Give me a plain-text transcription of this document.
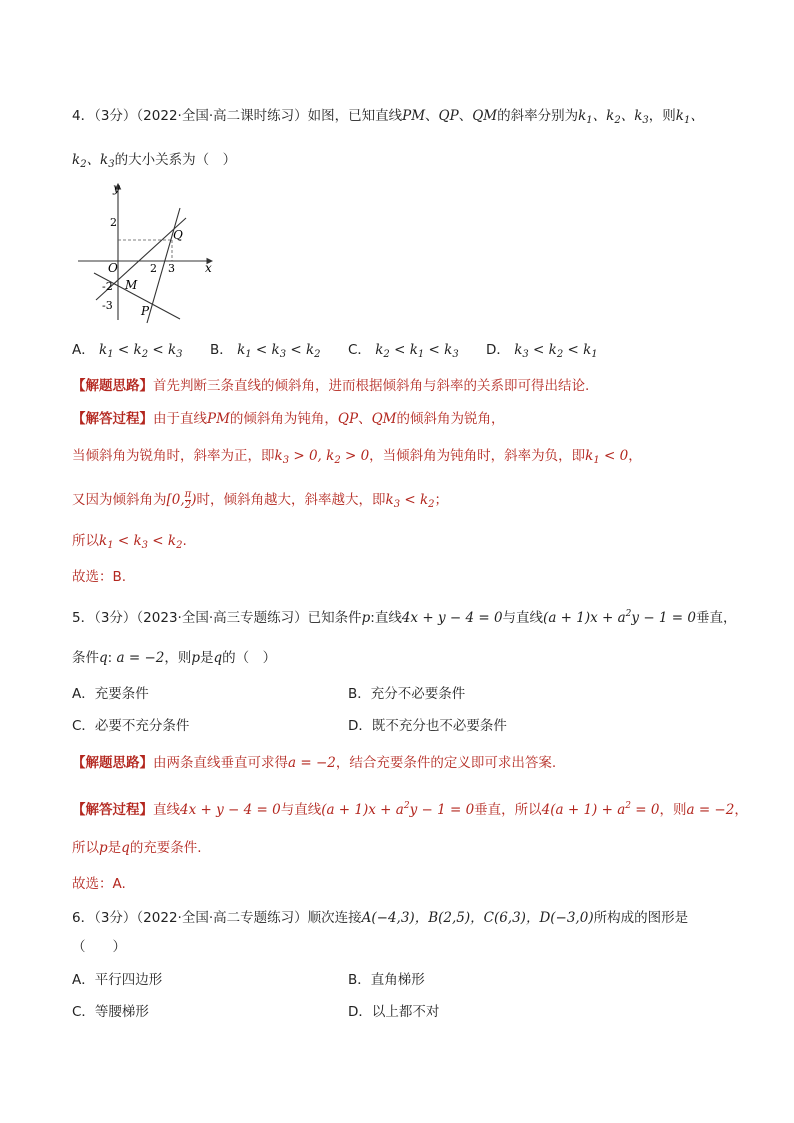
4．（3分）（2022·全国·高二课时练习）如图，已知直线PM、QP、QM的斜率分别为$k_1$、$k_2$、$k_3$，则$k_1$、
$k_2$、$k_3$的大小关系为（　）
y
x
O
2
-2
-3
2 3
M
P
Q
A． $k_1 < k_2 < k_3$ B． $k_1 < k_3 < k_2$ C． $k_2 < k_1 < k_3$ D． $k_3 < k_2 < k_1$
【解题思路】首先判断三条直线的倾斜角，进而根据倾斜角与斜率的关系即可得出结论.
【解答过程】由于直线PM的倾斜角为钝角，QP、QM的倾斜角为锐角，
当倾斜角为锐角时，斜率为正，即$k_3 > 0$, $k_2 > 0$，当倾斜角为钝角时，斜率为负，即$k_1 < 0$，
又因为倾斜角为[0, $\frac{\pi}{2}$ )时，倾斜角越大，斜率越大，即$k_3 < k_2$；
所以$k_1 < k_3 < k_2$.
故选：B.
5．（3分）（2023·全国·高三专题练习）已知条件p:直线4x + y − 4 = 0与直线$(a + 1)x + a^2y - 1 = 0$垂直，
条件q: a = −2，则p是q的（　）
A．充要条件	B．充分不必要条件
C．必要不充分条件	D．既不充分也不必要条件
【解题思路】由两条直线垂直可求得a = −2，结合充要条件的定义即可求出答案.
【解答过程】直线4x + y − 4 = 0与直线$(a + 1)x + a^2y - 1 = 0$垂直，所以$4(a + 1) + a^2 = 0$，则a = −2，
所以p是q的充要条件.
故选：A.
6．（3分）（2022·全国·高二专题练习）顺次连接A(−4,3)，B(2,5)，C(6,3)，D(−3,0)所构成的图形是
（　　）
A．平行四边形	B．直角梯形
C．等腰梯形	D．以上都不对
